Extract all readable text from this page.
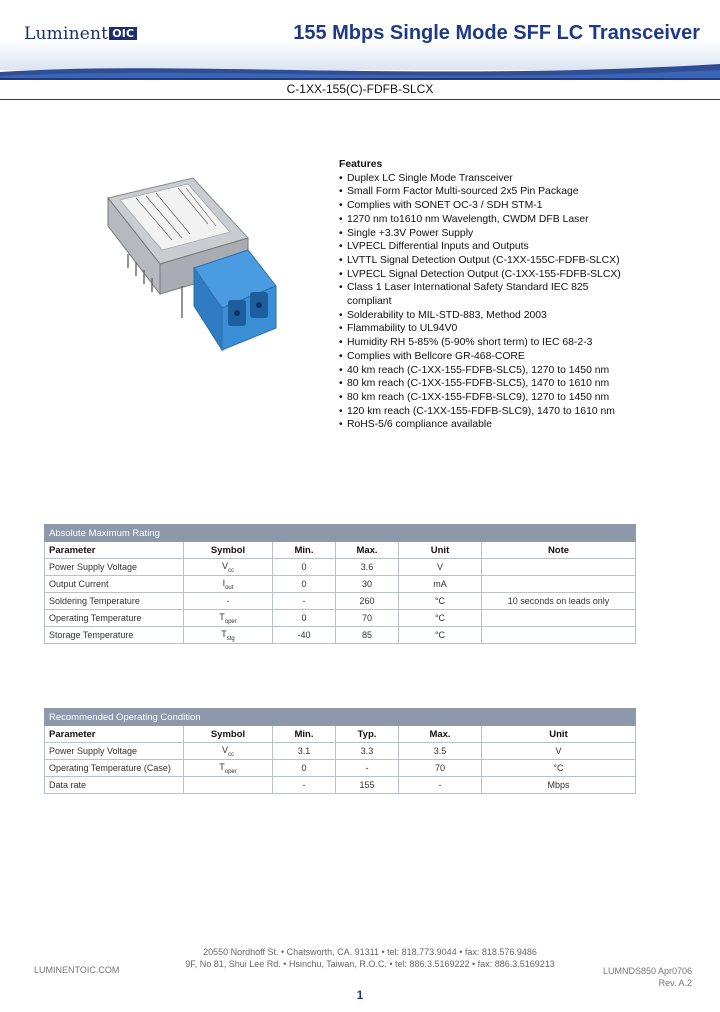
Luminent OIC	155 Mbps Single Mode SFF LC Transceiver
C-1XX-155(C)-FDFB-SLCX
Features
• Duplex LC Single Mode Transceiver
• Small Form Factor Multi-sourced 2x5 Pin Package
• Complies with SONET OC-3 / SDH STM-1
• 1270 nm to1610 nm Wavelength, CWDM DFB Laser
• Single +3.3V Power Supply
• LVPECL Differential Inputs and Outputs
• LVTTL Signal Detection Output (C-1XX-155C-FDFB-SLCX)
• LVPECL Signal Detection Output (C-1XX-155-FDFB-SLCX)
• Class 1 Laser International Safety Standard IEC 825
compliant
• Solderability to MIL-STD-883, Method 2003
• Flammability to UL94V0
• Humidity RH 5-85% (5-90% short term) to IEC 68-2-3
• Complies with Bellcore GR-468-CORE
• 40 km reach (C-1XX-155-FDFB-SLC5), 1270 to 1450 nm
• 80 km reach (C-1XX-155-FDFB-SLC5), 1470 to 1610 nm
• 80 km reach (C-1XX-155-FDFB-SLC9), 1270 to 1450 nm
• 120 km reach (C-1XX-155-FDFB-SLC9), 1470 to 1610 nm
• RoHS-5/6 compliance available
Absolute Maximum Rating					
Parameter	Symbol	Min.	Max.	Unit	Note
Power Supply Voltage	$V_{cc}$	0	3.6	V	
Output Current	$I_{out}$	0	30	mA	
Soldering Temperature	-	-	260	°C	10 seconds on leads only
Operating Temperature	$T_{oper}$	0	70	°C	
Storage Temperature	$T_{stg}$	-40	85	°C	
Recommended Operating Condition					
Parameter	Symbol	Min.	Typ.	Max.	Unit
Power Supply Voltage	$V_{cc}$	3.1	3.3	3.5	V
Operating Temperature (Case)	$T_{oper}$	0	-	70	°C
Data rate		-	155	-	Mbps
LUMINENTOIC.COM
20550 Nordhoff St. • Chatsworth, CA. 91311 • tel: 818.773.9044 • fax: 818.576.9486
9F, No 81, Shui Lee Rd. • Hsinchu, Taiwan, R.O.C. • tel: 886.3.5169222 • fax: 886.3.5169213
LUMNDS850 Apr0706
Rev. A.2
1
